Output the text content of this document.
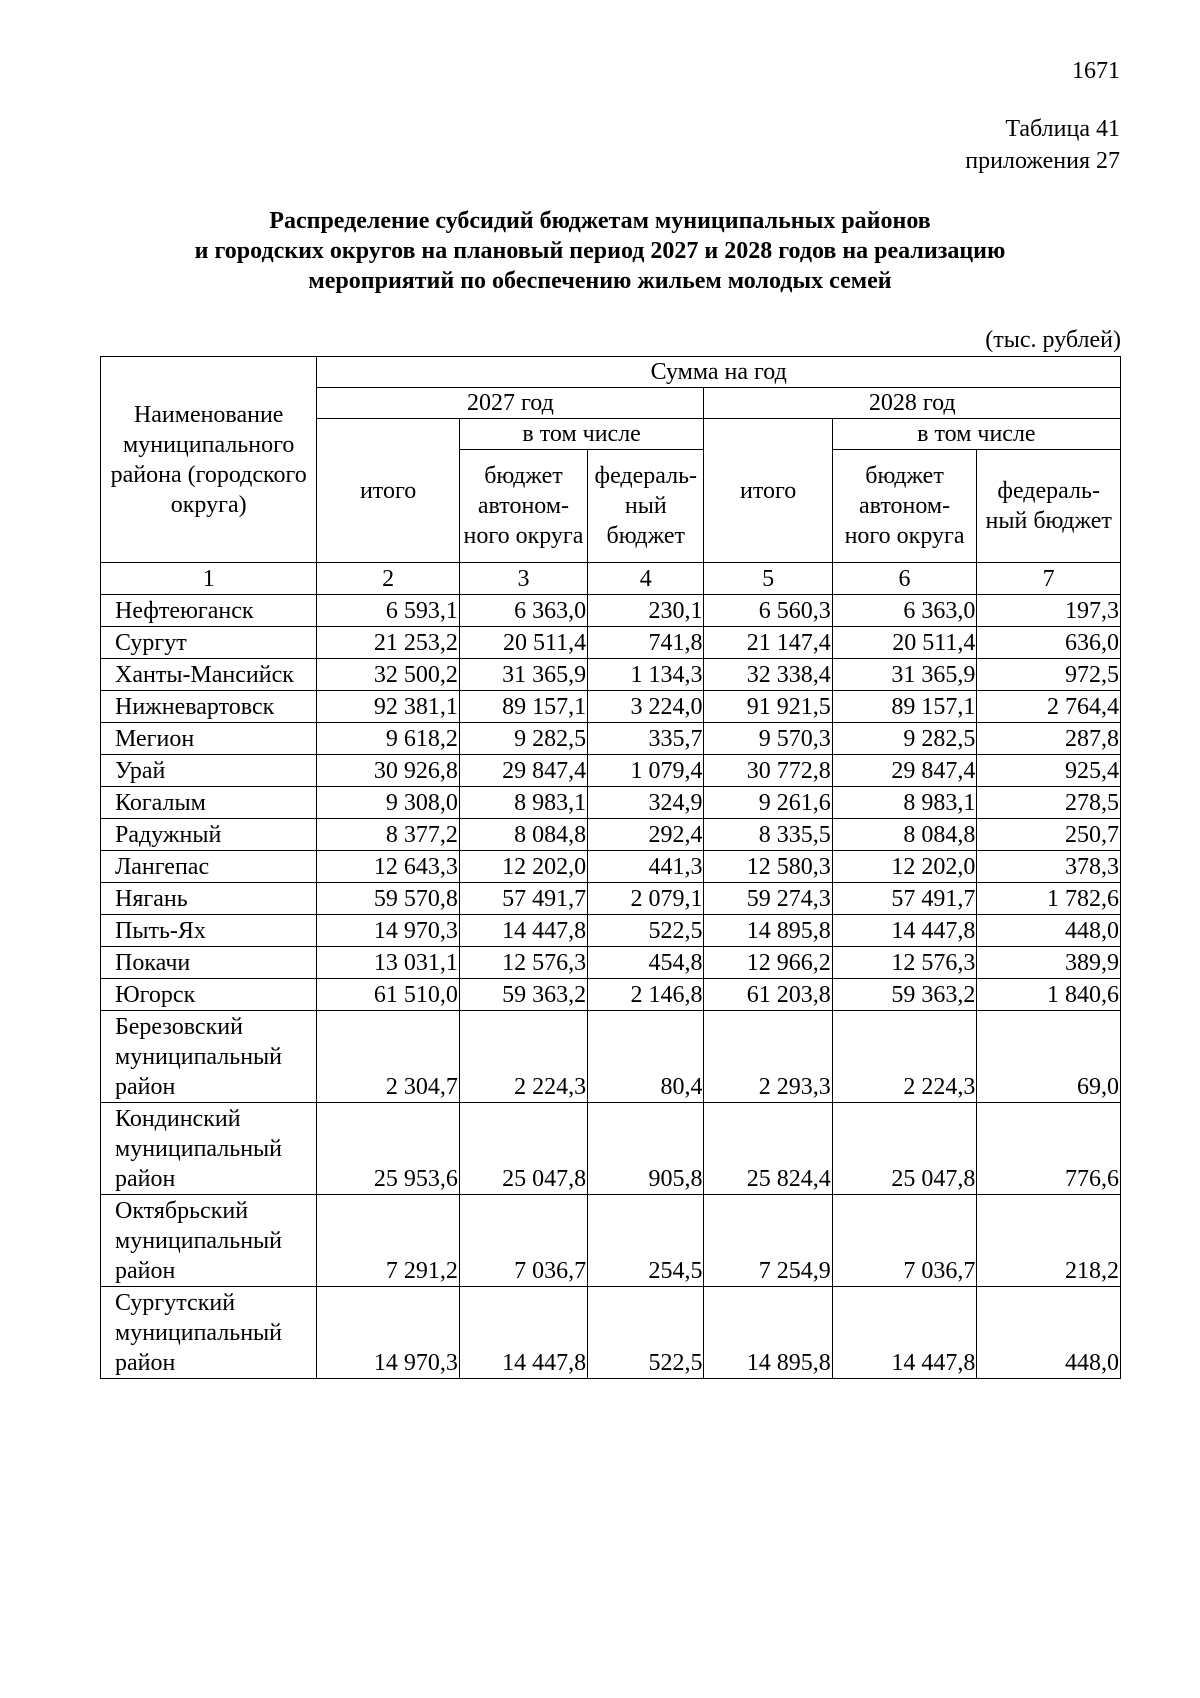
1671
Таблица 41
приложения 27
Распределение субсидий бюджетам муниципальных районов
и городских округов на плановый период 2027 и 2028 годов на реализацию
мероприятий по обеспечению жильем молодых семей
(тыс. рублей)
Наименование муниципального района (городского округа)	Сумма на год					
	2027 год			2028 год		
	итого	в том числе		итого	в том числе	
		бюджет автоном- ного округа	федераль- ный бюджет		бюджет автоном- ного округа	федераль- ный бюджет

1	2	3	4	5	6	7
Нефтеюганск	6 593,1	6 363,0	230,1	6 560,3	6 363,0	197,3
Сургут	21 253,2	20 511,4	741,8	21 147,4	20 511,4	636,0
Ханты-Мансийск	32 500,2	31 365,9	1 134,3	32 338,4	31 365,9	972,5
Нижневартовск	92 381,1	89 157,1	3 224,0	91 921,5	89 157,1	2 764,4
Мегион	9 618,2	9 282,5	335,7	9 570,3	9 282,5	287,8
Урай	30 926,8	29 847,4	1 079,4	30 772,8	29 847,4	925,4
Когалым	9 308,0	8 983,1	324,9	9 261,6	8 983,1	278,5
Радужный	8 377,2	8 084,8	292,4	8 335,5	8 084,8	250,7
Лангепас	12 643,3	12 202,0	441,3	12 580,3	12 202,0	378,3
Нягань	59 570,8	57 491,7	2 079,1	59 274,3	57 491,7	1 782,6
Пыть-Ях	14 970,3	14 447,8	522,5	14 895,8	14 447,8	448,0
Покачи	13 031,1	12 576,3	454,8	12 966,2	12 576,3	389,9
Югорск	61 510,0	59 363,2	2 146,8	61 203,8	59 363,2	1 840,6
Березовский муниципальный район	2 304,7	2 224,3	80,4	2 293,3	2 224,3	69,0
Кондинский муниципальный район	25 953,6	25 047,8	905,8	25 824,4	25 047,8	776,6
Октябрьский муниципальный район	7 291,2	7 036,7	254,5	7 254,9	7 036,7	218,2
Сургутский муниципальный район	14 970,3	14 447,8	522,5	14 895,8	14 447,8	448,0
